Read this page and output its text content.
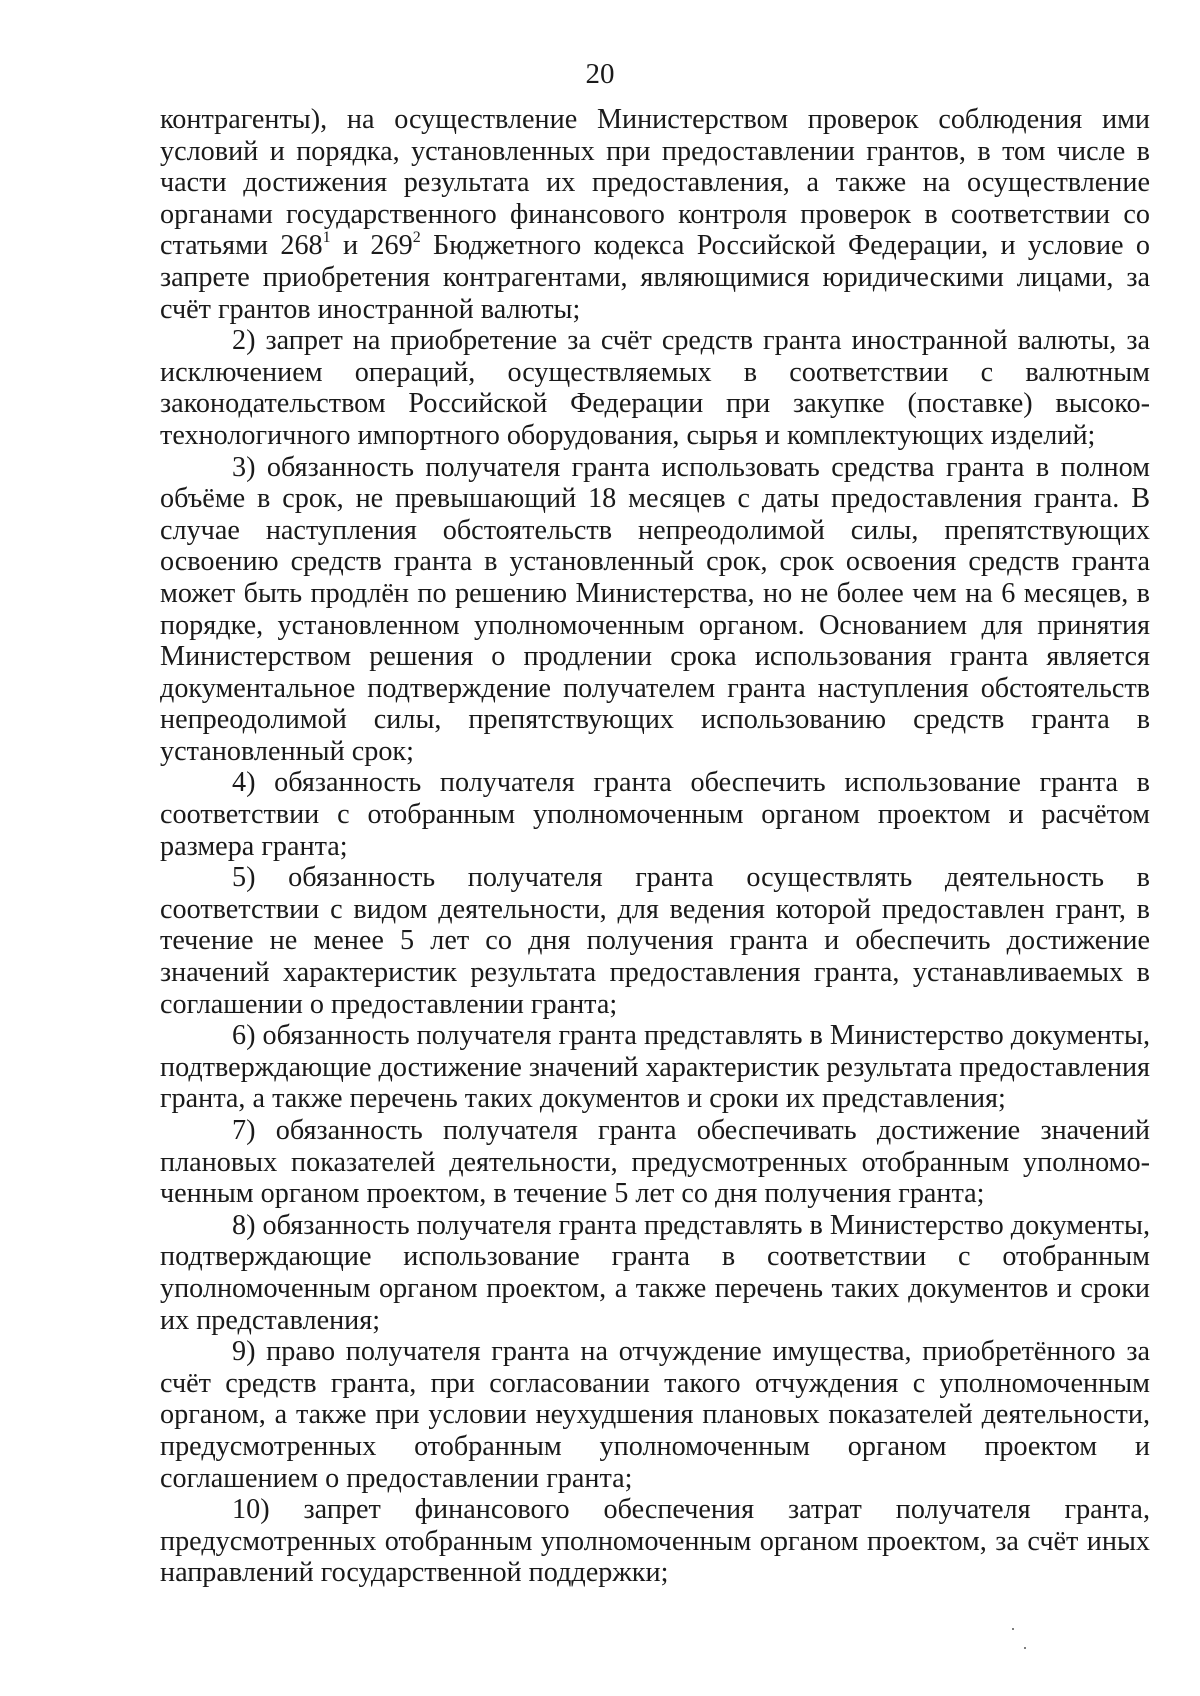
20

контрагенты), на осуществление Министерством проверок соблюдения ими условий и порядка, установленных при предоставлении грантов, в том числе в части достижения результата их предоставления, а также на осуществление органами государственного финансового контроля проверок в соответствии со статьями $268^1$ и $269^2$ Бюджетного кодекса Российской Федерации, и условие о запрете приобретения контрагентами, являющимися юридическими лицами, за счёт грантов иностранной валюты;

2) запрет на приобретение за счёт средств гранта иностранной валюты, за исключением операций, осуществляемых в соответствии с валютным законодательством Российской Федерации при закупке (поставке) высокотехнологичного импортного оборудования, сырья и комплектующих изделий;

3) обязанность получателя гранта использовать средства гранта в полном объёме в срок, не превышающий 18 месяцев с даты предоставления гранта. В случае наступления обстоятельств непреодолимой силы, препятствующих освоению средств гранта в установленный срок, срок освоения средств гранта может быть продлён по решению Министерства, но не более чем на 6 месяцев, в порядке, установленном уполномоченным органом. Основанием для принятия Министерством решения о продлении срока использования гранта является документальное подтверждение получателем гранта наступления обстоятельств непреодолимой силы, препятствующих использованию средств гранта в установленный срок;

4) обязанность получателя гранта обеспечить использование гранта в соответствии с отобранным уполномоченным органом проектом и расчётом размера гранта;

5) обязанность получателя гранта осуществлять деятельность в соответствии с видом деятельности, для ведения которой предоставлен грант, в течение не менее 5 лет со дня получения гранта и обеспечить достижение значений характеристик результата предоставления гранта, устанавливаемых в соглашении о предоставлении гранта;

6) обязанность получателя гранта представлять в Министерство документы, подтверждающие достижение значений характеристик результата предоставления гранта, а также перечень таких документов и сроки их представления;

7) обязанность получателя гранта обеспечивать достижение значений плановых показателей деятельности, предусмотренных отобранным уполномоченным органом проектом, в течение 5 лет со дня получения гранта;

8) обязанность получателя гранта представлять в Министерство документы, подтверждающие использование гранта в соответствии с отобранным уполномоченным органом проектом, а также перечень таких документов и сроки их представления;

9) право получателя гранта на отчуждение имущества, приобретённого за счёт средств гранта, при согласовании такого отчуждения с уполномоченным органом, а также при условии неухудшения плановых показателей деятельности, предусмотренных отобранным уполномоченным органом проектом и соглашением о предоставлении гранта;

10) запрет финансового обеспечения затрат получателя гранта, предусмотренных отобранным уполномоченным органом проектом, за счёт иных направлений государственной поддержки;
